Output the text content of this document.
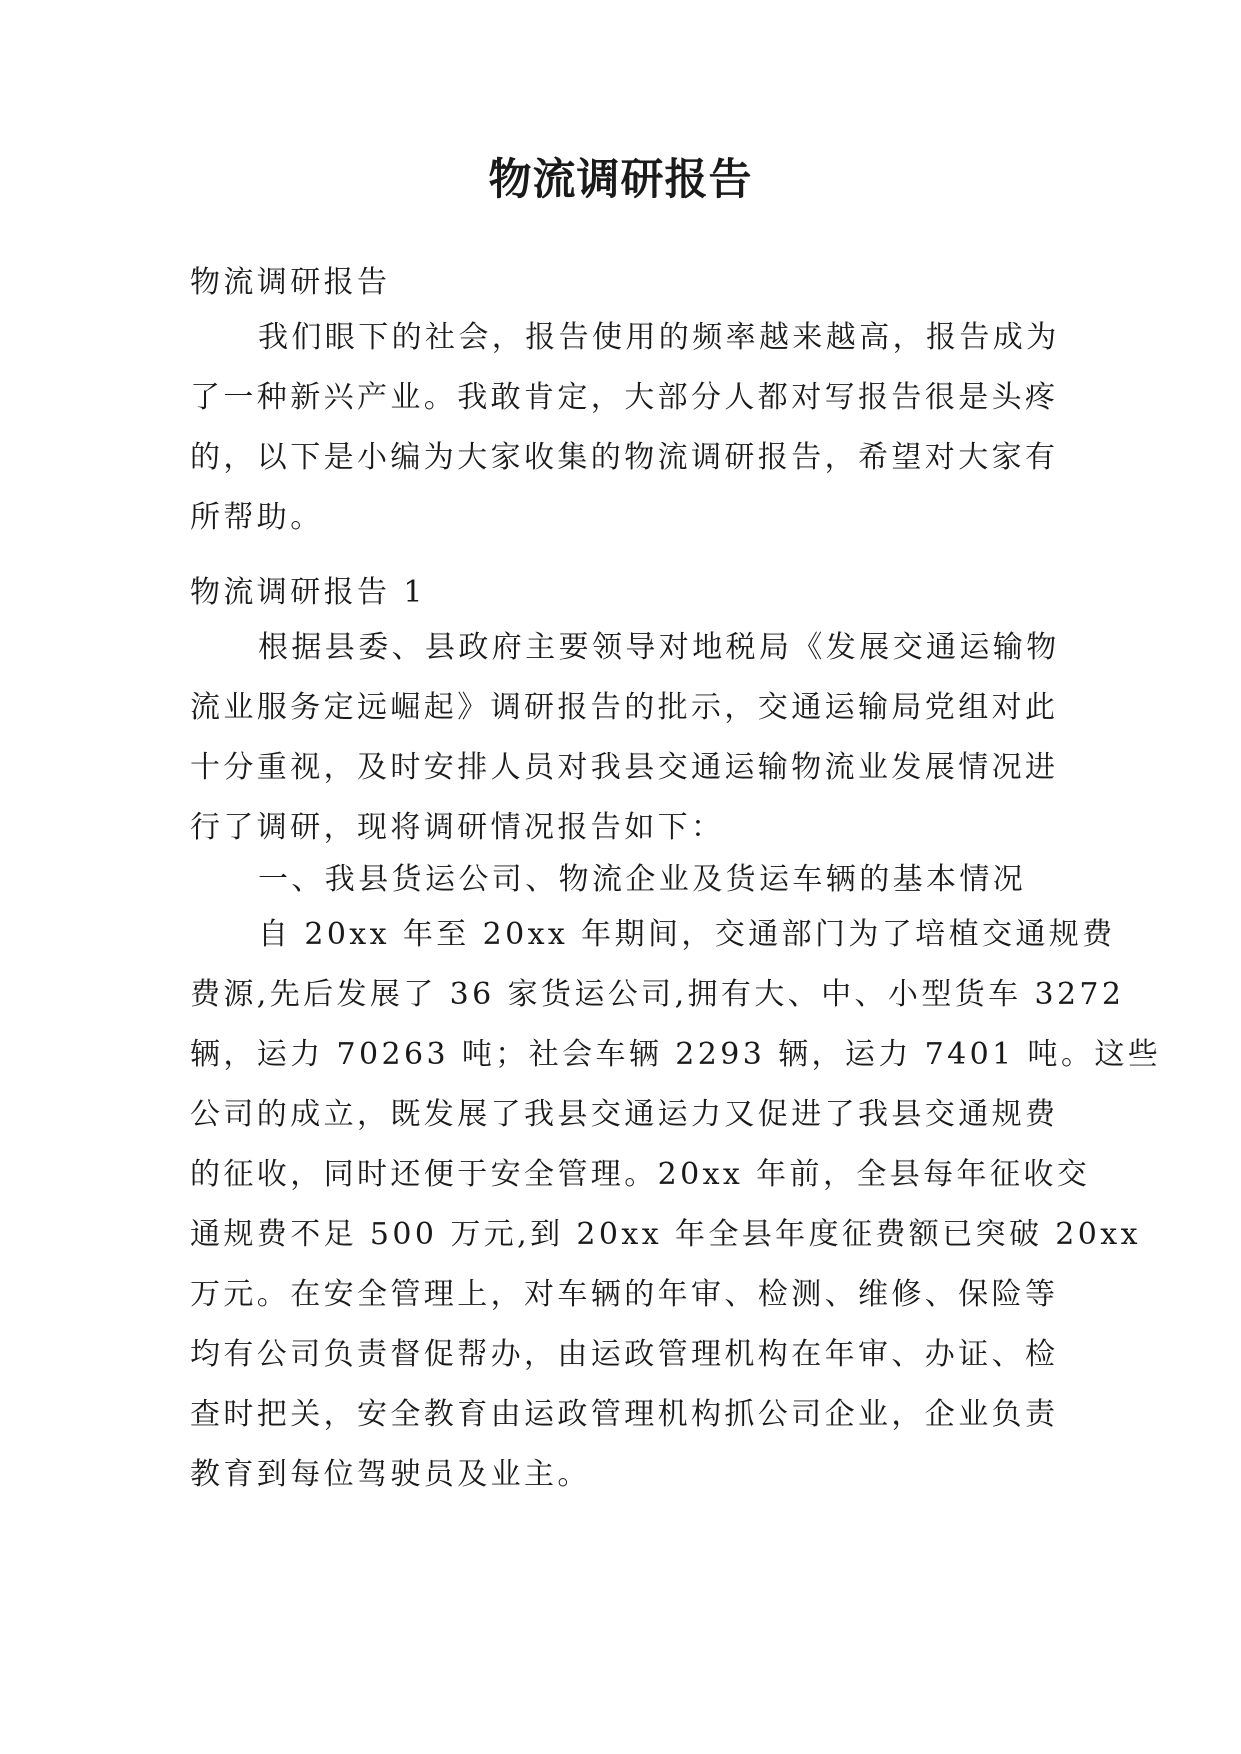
物流调研报告
物流调研报告
我们眼下的社会，报告使用的频率越来越高，报告成为
了一种新兴产业。我敢肯定，大部分人都对写报告很是头疼
的，以下是小编为大家收集的物流调研报告，希望对大家有
所帮助。
物流调研报告 1
根据县委、县政府主要领导对地税局《发展交通运输物
流业服务定远崛起》调研报告的批示，交通运输局党组对此
十分重视，及时安排人员对我县交通运输物流业发展情况进
行了调研，现将调研情况报告如下：
一、我县货运公司、物流企业及货运车辆的基本情况
自 20xx 年至 20xx 年期间，交通部门为了培植交通规费
费源,先后发展了 36 家货运公司,拥有大、中、小型货车 3272
辆，运力 70263 吨；社会车辆 2293 辆，运力 7401 吨。这些
公司的成立，既发展了我县交通运力又促进了我县交通规费
的征收，同时还便于安全管理。20xx 年前，全县每年征收交
通规费不足 500 万元,到 20xx 年全县年度征费额已突破 20xx
万元。在安全管理上，对车辆的年审、检测、维修、保险等
均有公司负责督促帮办，由运政管理机构在年审、办证、检
查时把关，安全教育由运政管理机构抓公司企业，企业负责
教育到每位驾驶员及业主。
